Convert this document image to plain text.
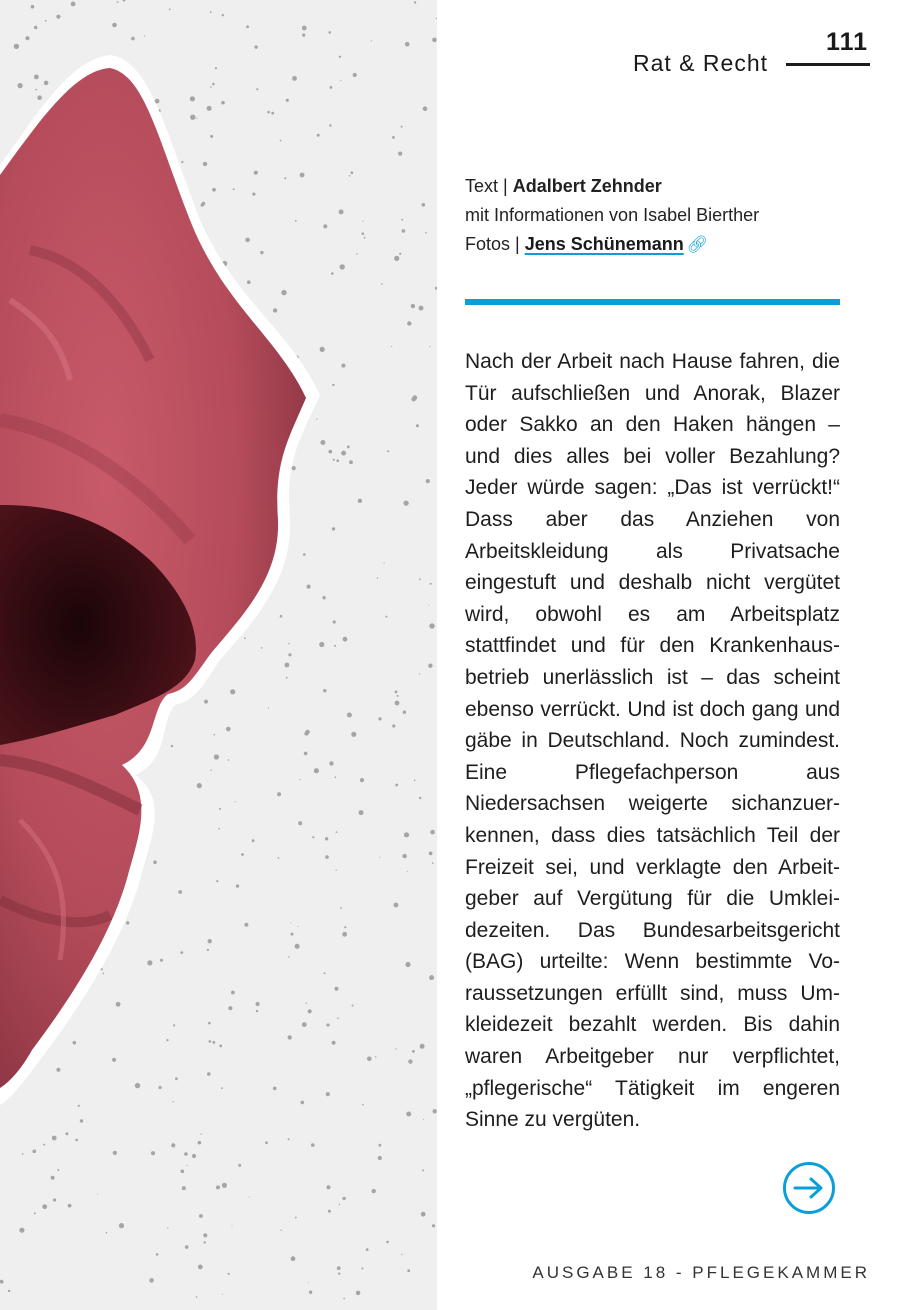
111
Rat & Recht
Text | Adalbert Zehnder
mit Informationen von Isabel Bierther
Fotos | Jens Schünemann 🔗︎

Nach der Arbeit nach Hause fahren, die Tür aufschließen und Anorak, Blazer oder Sakko an den Haken hängen – und dies alles bei voller Bezahlung? Jeder würde sagen: „Das ist verrückt!“ Dass aber das Anziehen von Arbeitskleidung als Privatsache eingestuft und deshalb nicht vergütet wird, obwohl es am Arbeitsplatz stattfindet und für den Krankenhausbetrieb unerlässlich ist – das scheint ebenso verrückt. Und ist doch gang und gäbe in Deutschland. Noch zumindest. Eine Pflegefachperson aus Niedersachsen weigerte sichanzuerkennen, dass dies tatsächlich Teil der Freizeit sei, und verklagte den Arbeitgeber auf Vergütung für die Umkleidezeiten. Das Bundesarbeitsgericht (BAG) urteilte: Wenn bestimmte Voraussetzungen erfüllt sind, muss Umkleidezeit bezahlt werden. Bis dahin waren Arbeitgeber nur verpflichtet, „pflegerische“ Tätigkeit im engeren Sinne zu vergüten.

AUSGABE 18 - PFLEGEKAMMER
